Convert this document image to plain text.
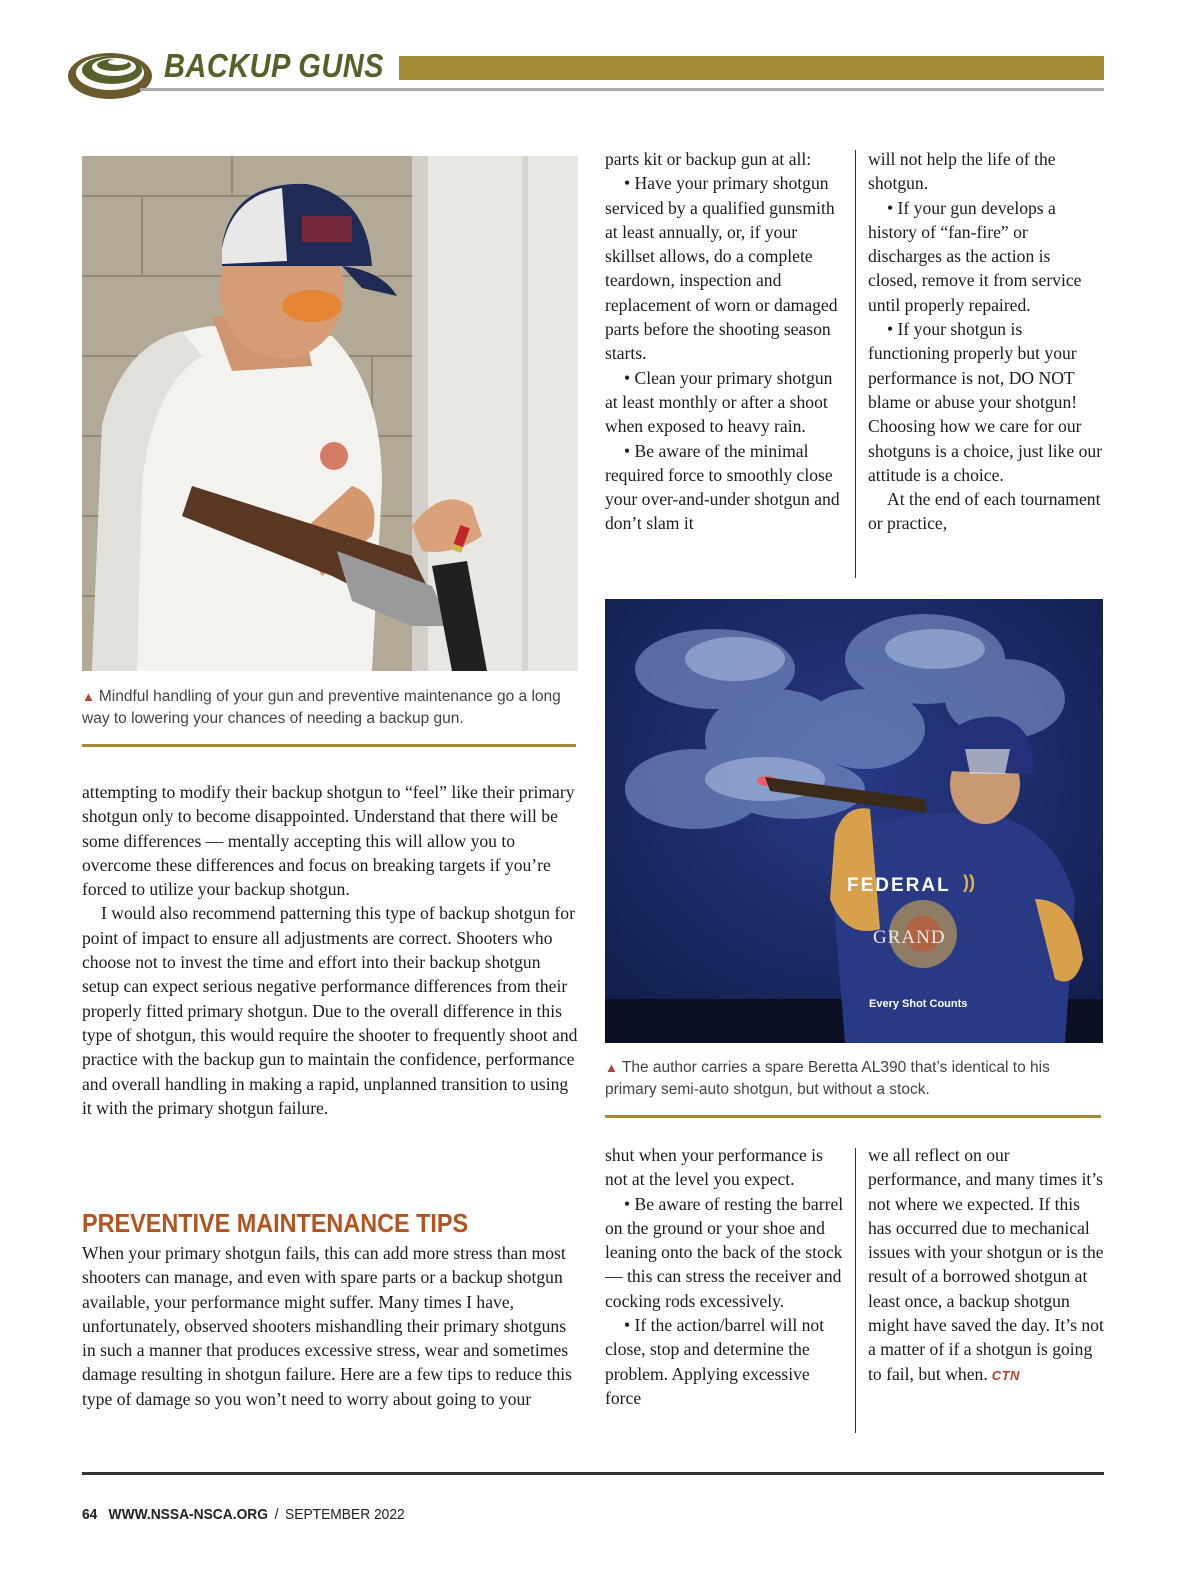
BACKUP GUNS

▲ Mindful handling of your gun and preventive maintenance go a long way to lowering your chances of needing a backup gun.

parts kit or backup gun at all:

• Have your primary shotgun serviced by a qualified gunsmith at least annually, or, if your skillset allows, do a complete teardown, inspection and replacement of worn or damaged parts before the shooting season starts.

• Clean your primary shotgun at least monthly or after a shoot when exposed to heavy rain.

• Be aware of the minimal required force to smoothly close your over-and-under shotgun and don’t slam it

will not help the life of the shotgun.

• If your gun develops a history of “fan-fire” or discharges as the action is closed, remove it from service until properly repaired.

• If your shotgun is functioning properly but your performance is not, DO NOT blame or abuse your shotgun! Choosing how we care for our shotguns is a choice, just like our attitude is a choice.

At the end of each tournament or practice,

FEDERAL ))
GRAND
Every Shot Counts

▲ The author carries a spare Beretta AL390 that’s identical to his primary semi-auto shotgun, but without a stock.

attempting to modify their backup shotgun to “feel” like their primary shotgun only to become disappointed. Understand that there will be some differences — mentally accepting this will allow you to overcome these differences and focus on breaking targets if you’re forced to utilize your backup shotgun.

I would also recommend patterning this type of backup shotgun for point of impact to ensure all adjustments are correct. Shooters who choose not to invest the time and effort into their backup shotgun setup can expect serious negative performance differences from their properly fitted primary shotgun. Due to the overall difference in this type of shotgun, this would require the shooter to frequently shoot and practice with the backup gun to maintain the confidence, performance and overall handling in making a rapid, unplanned transition to using it with the primary shotgun failure.

PREVENTIVE MAINTENANCE TIPS

When your primary shotgun fails, this can add more stress than most shooters can manage, and even with spare parts or a backup shotgun available, your performance might suffer. Many times I have, unfortunately, observed shooters mishandling their primary shotguns in such a manner that produces excessive stress, wear and sometimes damage resulting in shotgun failure. Here are a few tips to reduce this type of damage so you won’t need to worry about going to your

shut when your performance is not at the level you expect.

• Be aware of resting the barrel on the ground or your shoe and leaning onto the back of the stock — this can stress the receiver and cocking rods excessively.

• If the action/barrel will not close, stop and determine the problem. Applying excessive force

we all reflect on our performance, and many times it’s not where we expected. If this has occurred due to mechanical issues with your shotgun or is the result of a borrowed shotgun at least once, a backup shotgun might have saved the day. It’s not a matter of if a shotgun is going to fail, but when. CTN

64 WWW.NSSA-NSCA.ORG / SEPTEMBER 2022
